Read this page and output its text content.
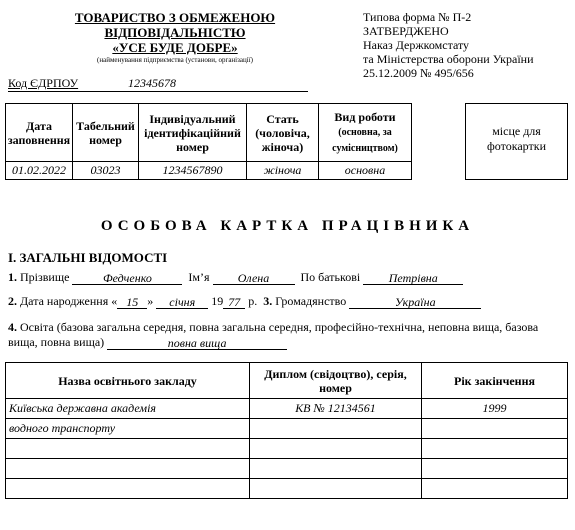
ТОВАРИСТВО З ОБМЕЖЕНОЮ
ВІДПОВІДАЛЬНІСТЮ
«УСЕ БУДЕ ДОБРЕ»
(найменування підприємства (установи, організації)
Типова форма № П-2
ЗАТВЕРДЖЕНО
Наказ Держкомстату
та Міністерства оборони України
25.12.2009 № 495/656
Код ЄДРПОУ	12345678
Дата заповнення	Табельний номер	Індивідуальний ідентифікаційний номер	Стать (чоловіча, жіноча)	Вид роботи
(основна, за сумісництвом)
01.02.2022	03023	1234567890	жіноча	основна
місце для фотокартки
ОСОБОВА КАРТКА ПРАЦІВНИКА
І. ЗАГАЛЬНІ ВІДОМОСТІ
1. Прізвище	Федченко	Ім’я Олена	По батькові Петрівна
2. Дата народження « 15 » січня 19 77 р. 3. Громадянство	Україна
4. Освіта (базова загальна середня, повна загальна середня, професійно-технічна, неповна вища, базова вища, повна вища)	повна вища
Назва освітнього закладу	Диплом (свідоцтво), серія, номер	Рік закінчення
Київська державна академія	КВ № 12134561	1999
водного транспорту		
